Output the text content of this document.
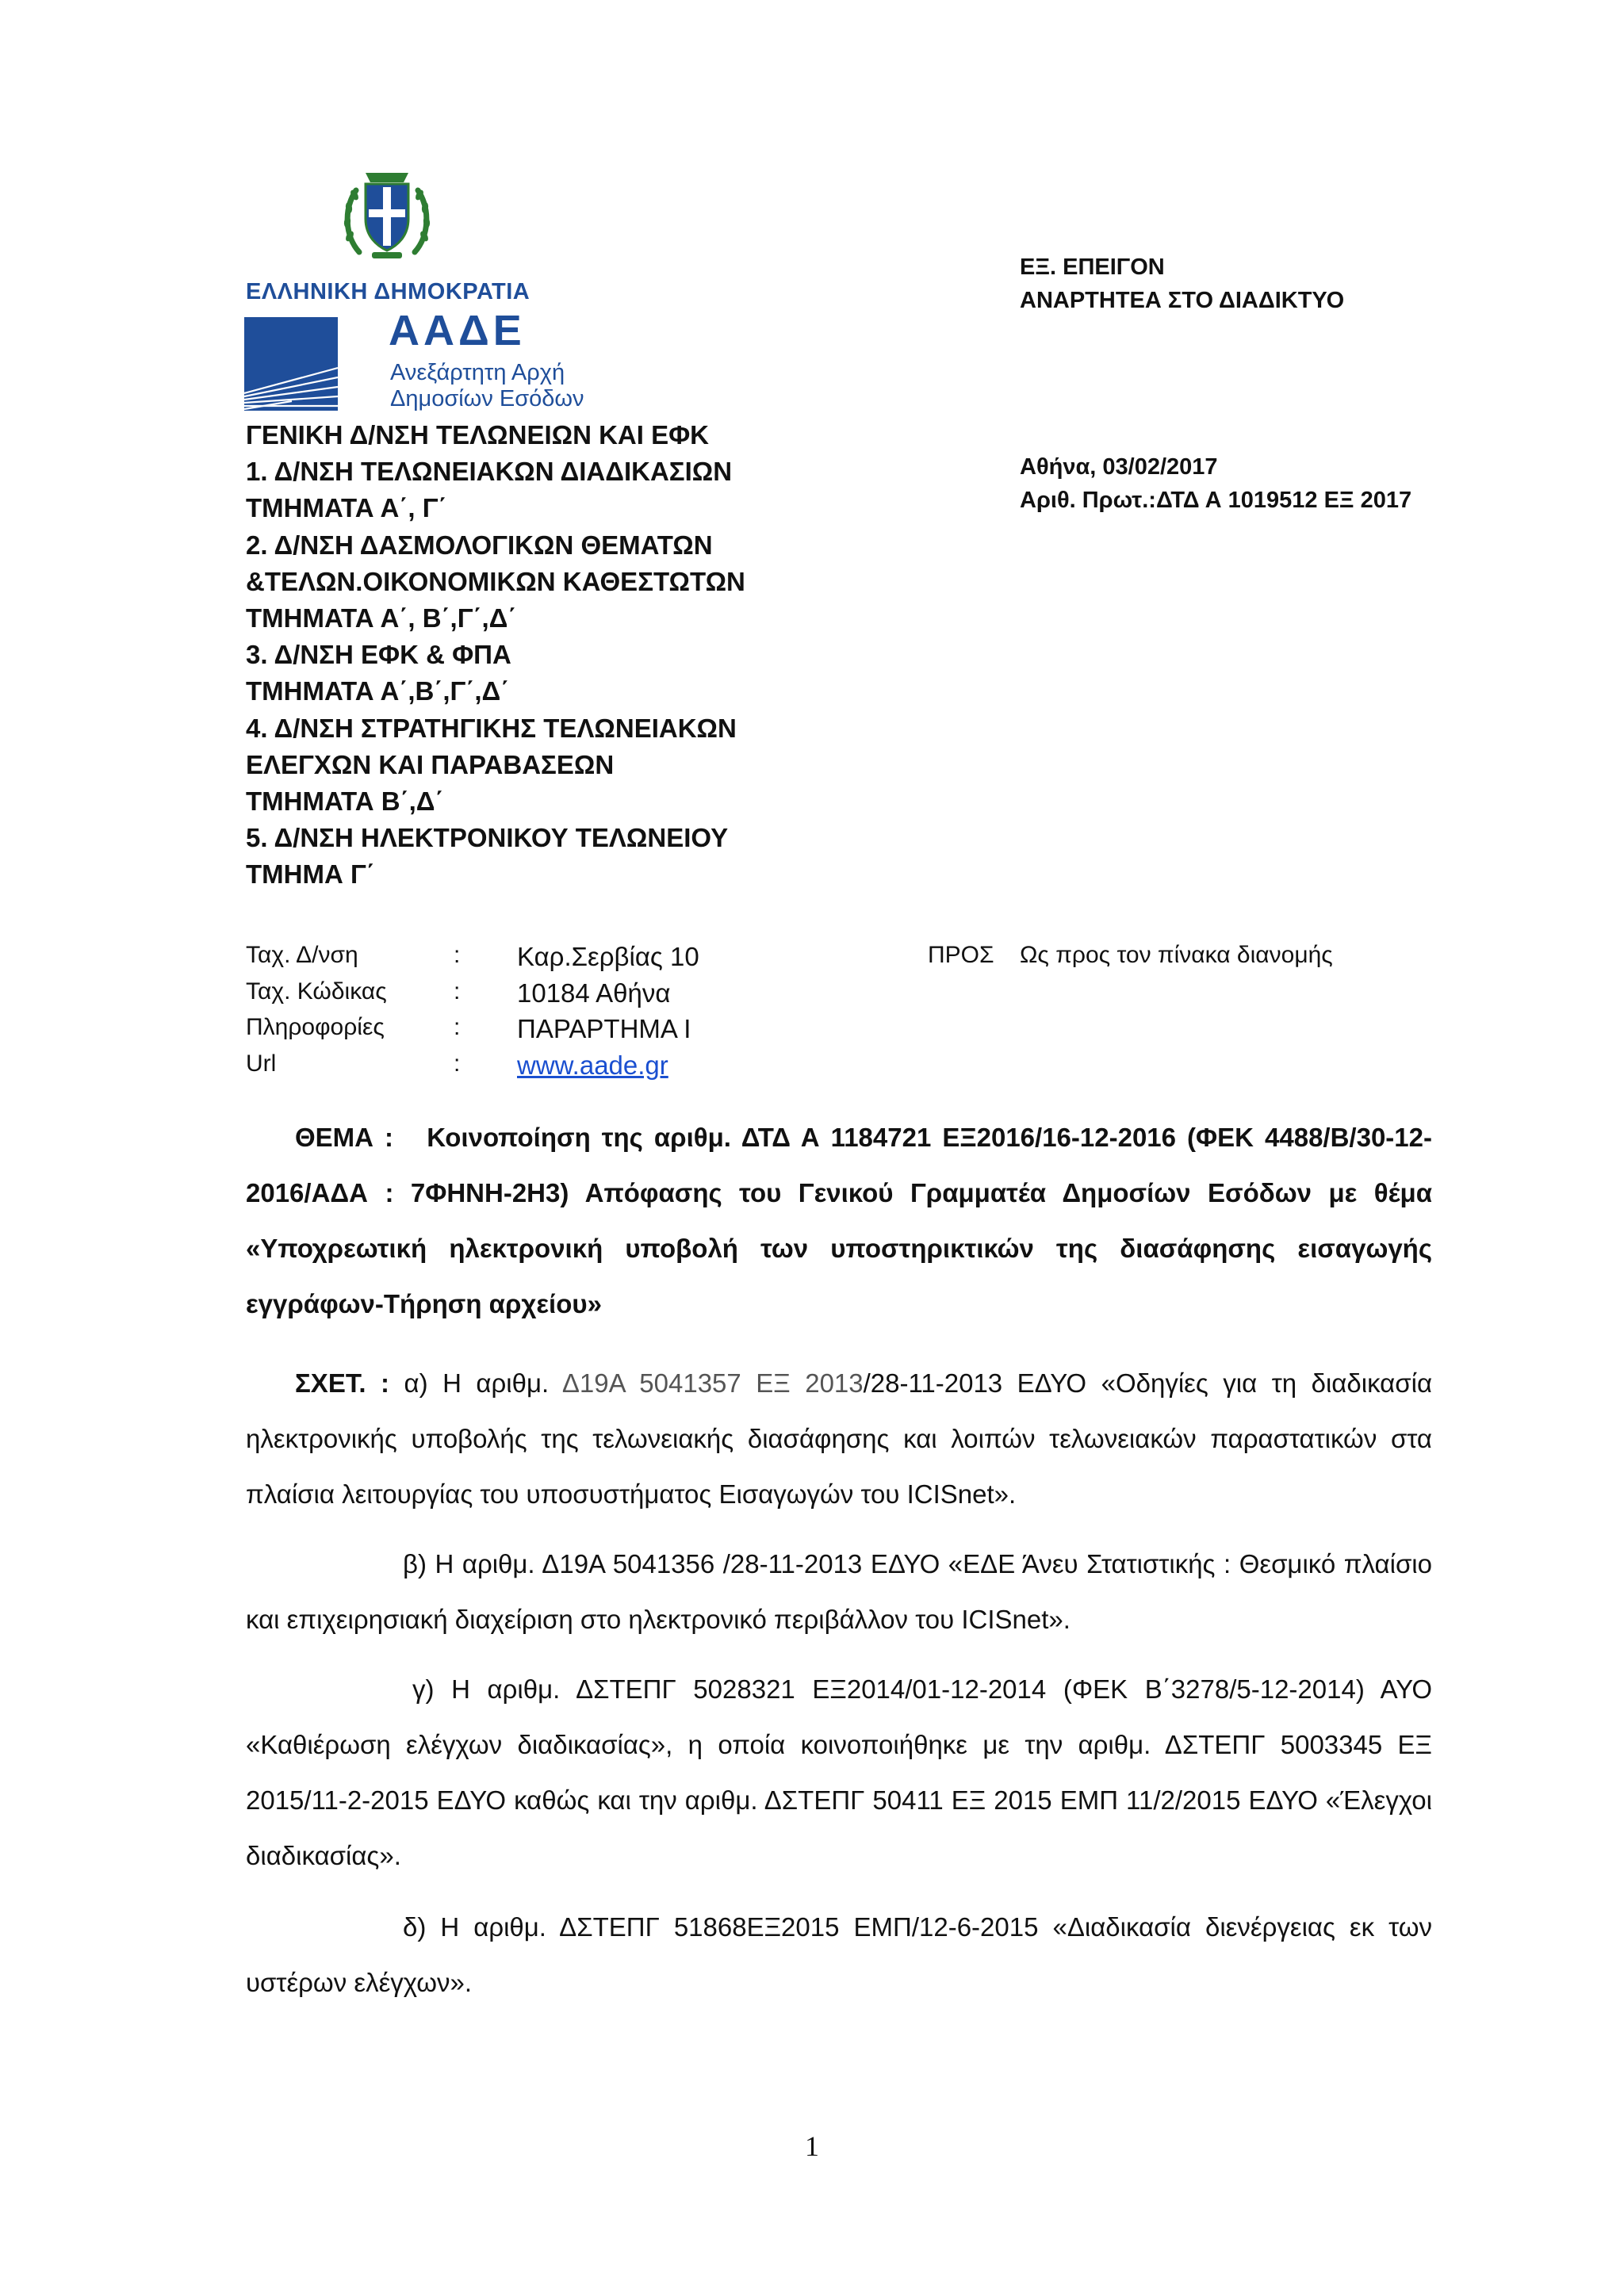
ΕΛΛΗΝΙΚΗ ΔΗΜΟΚΡΑΤΙΑ
ΑΑΔΕ
Ανεξάρτητη Αρχή
Δημοσίων Εσόδων
ΓΕΝΙΚΗ Δ/ΝΣΗ ΤΕΛΩΝΕΙΩΝ ΚΑΙ ΕΦΚ
1. Δ/ΝΣΗ ΤΕΛΩΝΕΙΑΚΩΝ ΔΙΑΔΙΚΑΣΙΩΝ
ΤΜΗΜΑΤΑ Α΄, Γ΄
2. Δ/ΝΣΗ ΔΑΣΜΟΛΟΓΙΚΩΝ ΘΕΜΑΤΩΝ
&ΤΕΛΩΝ.ΟΙΚΟΝΟΜΙΚΩΝ ΚΑΘΕΣΤΩΤΩΝ
ΤΜΗΜΑΤΑ Α΄, Β΄,Γ΄,Δ΄
3. Δ/ΝΣΗ ΕΦΚ & ΦΠΑ
ΤΜΗΜΑΤΑ Α΄,Β΄,Γ΄,Δ΄
4. Δ/ΝΣΗ ΣΤΡΑΤΗΓΙΚΗΣ ΤΕΛΩΝΕΙΑΚΩΝ
ΕΛΕΓΧΩΝ ΚΑΙ ΠΑΡΑΒΑΣΕΩΝ
ΤΜΗΜΑΤΑ Β΄,Δ΄
5. Δ/ΝΣΗ ΗΛΕΚΤΡΟΝΙΚΟΥ ΤΕΛΩΝΕΙΟΥ
ΤΜΗΜΑ Γ΄
ΕΞ. ΕΠΕΙΓΟΝ
ΑΝΑΡΤΗΤΕΑ ΣΤΟ ΔΙΑΔΙΚΤΥΟ
Αθήνα, 03/02/2017
Αριθ. Πρωτ.:ΔΤΔ Α 1019512 ΕΞ 2017
Ταχ. Δ/νση	: Καρ.Σερβίας 10
Ταχ. Κώδικας	: 10184 Αθήνα
Πληροφορίες	: ΠΑΡΑΡΤΗΜΑ Ι
Url	: www.aade.gr
ΠΡΟΣ Ως προς τον πίνακα διανομής
ΘΕΜΑ : Κοινοποίηση της αριθμ. ΔΤΔ Α 1184721 ΕΞ2016/16-12-2016 (ΦΕΚ 4488/Β/30-12-2016/ΑΔΑ : 7ΦΗΝΗ-2Η3) Απόφασης του Γενικού Γραμματέα Δημοσίων Εσόδων με θέμα «Υποχρεωτική ηλεκτρονική υποβολή των υποστηρικτικών της διασάφησης εισαγωγής εγγράφων-Τήρηση αρχείου»
ΣΧΕΤ. : α) Η αριθμ. Δ19Α 5041357 ΕΞ 2013/28-11-2013 ΕΔΥΟ «Οδηγίες για τη διαδικασία ηλεκτρονικής υποβολής της τελωνειακής διασάφησης και λοιπών τελωνειακών παραστατικών στα πλαίσια λειτουργίας του υποσυστήματος Εισαγωγών του ICISnet».
β) Η αριθμ. Δ19Α 5041356 /28-11-2013 ΕΔΥΟ «ΕΔΕ Άνευ Στατιστικής : Θεσμικό πλαίσιο και επιχειρησιακή διαχείριση στο ηλεκτρονικό περιβάλλον του ICISnet».
γ) Η αριθμ. ΔΣΤΕΠΓ 5028321 ΕΞ2014/01-12-2014 (ΦΕΚ Β΄3278/5-12-2014) ΑΥΟ «Καθιέρωση ελέγχων διαδικασίας», η οποία κοινοποιήθηκε με την αριθμ. ΔΣΤΕΠΓ 5003345 ΕΞ 2015/11-2-2015 ΕΔΥΟ καθώς και την αριθμ. ΔΣΤΕΠΓ 50411 ΕΞ 2015 ΕΜΠ 11/2/2015 ΕΔΥΟ «Έλεγχοι διαδικασίας».
δ) Η αριθμ. ΔΣΤΕΠΓ 51868ΕΞ2015 ΕΜΠ/12-6-2015 «Διαδικασία διενέργειας εκ των υστέρων ελέγχων».
1
